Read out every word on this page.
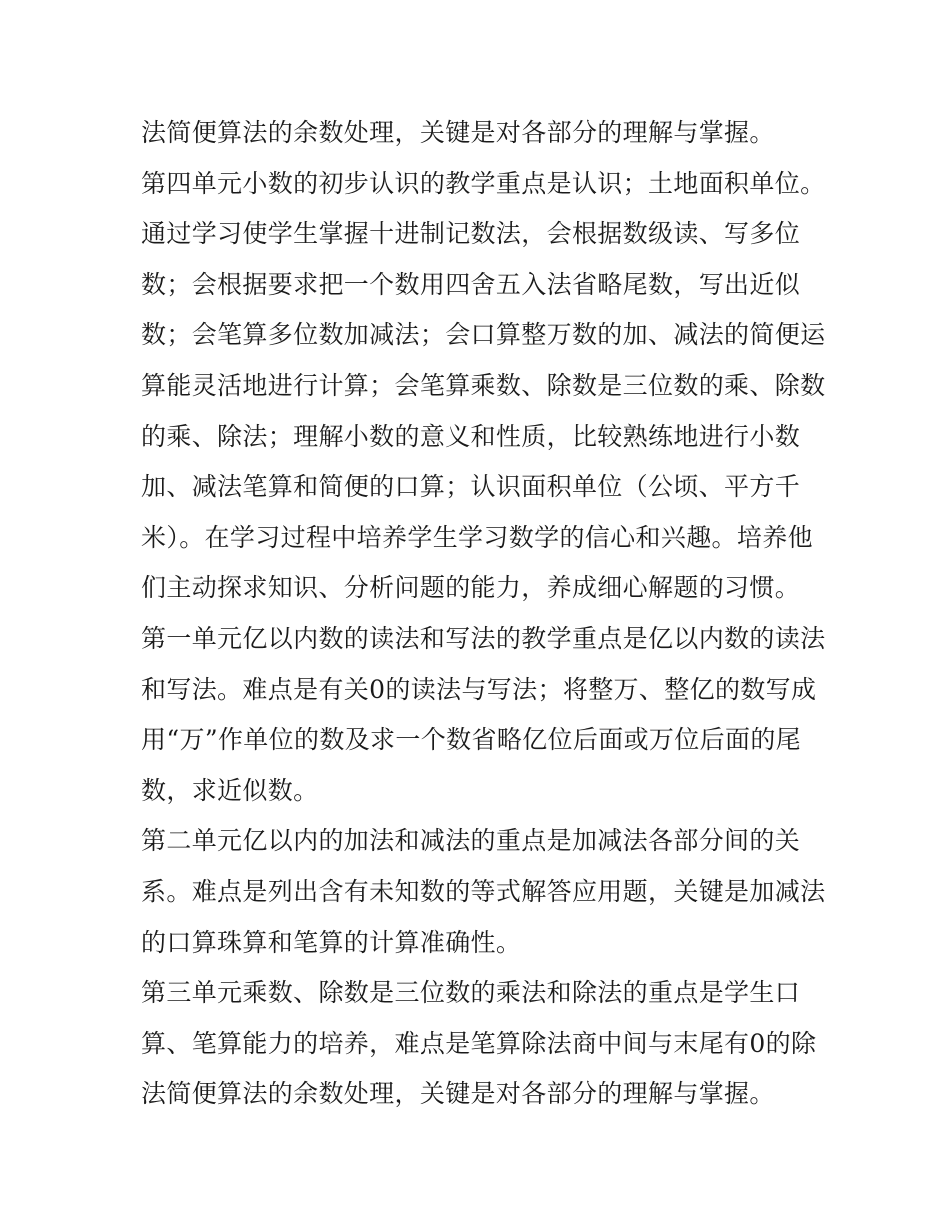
法简便算法的余数处理，关键是对各部分的理解与掌握。
第四单元小数的初步认识的教学重点是认识；土地面积单位。
通过学习使学生掌握十进制记数法，会根据数级读、写多位
数；会根据要求把一个数用四舍五入法省略尾数，写出近似
数；会笔算多位数加减法；会口算整万数的加、减法的简便运
算能灵活地进行计算；会笔算乘数、除数是三位数的乘、除数
的乘、除法；理解小数的意义和性质，比较熟练地进行小数
加、减法笔算和简便的口算；认识面积单位（公顷、平方千
米）。在学习过程中培养学生学习数学的信心和兴趣。培养他
们主动探求知识、分析问题的能力，养成细心解题的习惯。
第一单元亿以内数的读法和写法的教学重点是亿以内数的读法
和写法。难点是有关0的读法与写法；将整万、整亿的数写成
用“万”作单位的数及求一个数省略亿位后面或万位后面的尾
数，求近似数。
第二单元亿以内的加法和减法的重点是加减法各部分间的关
系。难点是列出含有未知数的等式解答应用题，关键是加减法
的口算珠算和笔算的计算准确性。
第三单元乘数、除数是三位数的乘法和除法的重点是学生口
算、笔算能力的培养，难点是笔算除法商中间与末尾有0的除
法简便算法的余数处理，关键是对各部分的理解与掌握。
